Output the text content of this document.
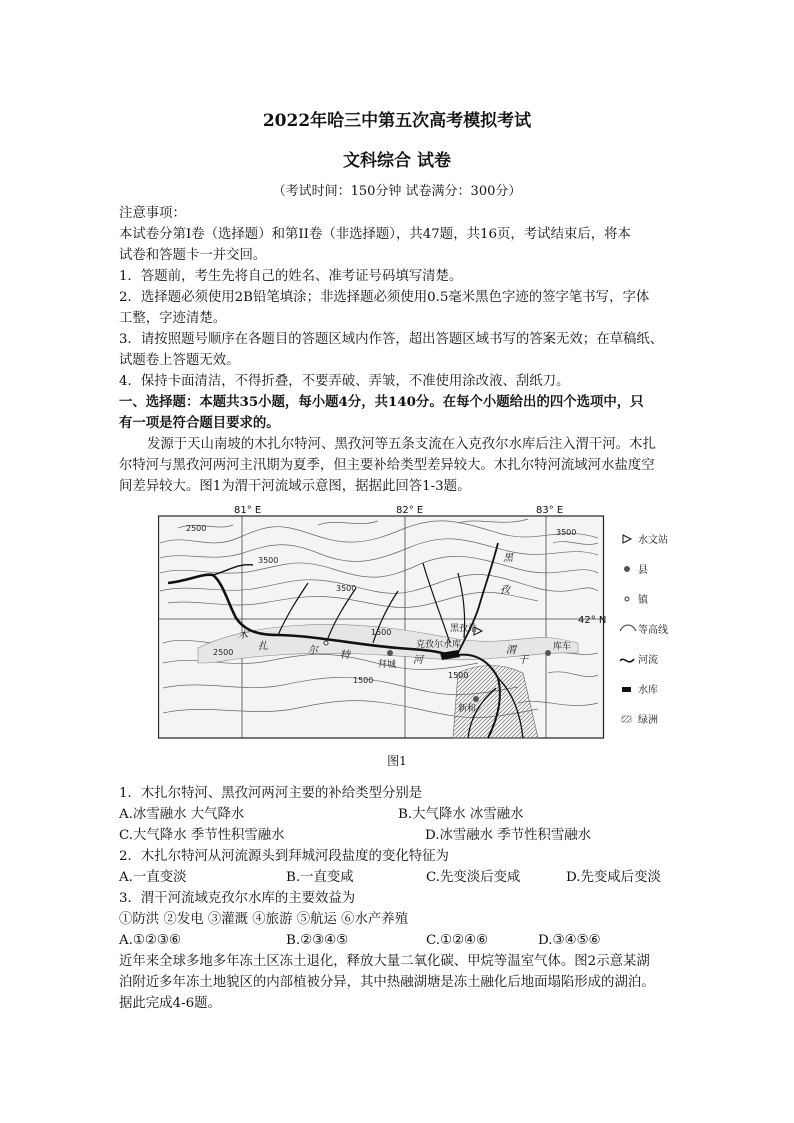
2022年哈三中第五次高考模拟考试
文科综合 试卷
（考试时间：150分钟 试卷满分：300分）
注意事项：
本试卷分第I卷（选择题）和第II卷（非选择题），共47题，共16页，考试结束后，将本
试卷和答题卡一并交回。
1．答题前，考生先将自己的姓名、准考证号码填写清楚。
2．选择题必须使用2B铅笔填涂；非选择题必须使用0.5毫米黑色字迹的签字笔书写，字体
工整，字迹清楚。
3．请按照题号顺序在各题目的答题区域内作答，超出答题区域书写的答案无效；在草稿纸、
试题卷上答题无效。
4．保持卡面清洁，不得折叠，不要弄破、弄皱，不准使用涂改液、刮纸刀。
一、选择题：本题共35小题，每小题4分，共140分。在每个小题给出的四个选项中，只
有一项是符合题目要求的。
发源于天山南坡的木扎尔特河、黑孜河等五条支流在入克孜尔水库后注入渭干河。木扎
尔特河与黑孜河两河主汛期为夏季，但主要补给类型差异较大。木扎尔特河流域河水盐度空
间差异较大。图1为渭干河流域示意图，据据此回答1-3题。
81° E	82° E	83° E
42° N
2500
2500
3500
3500
3500
1500
1500
1500
黑孜站
克孜尔水库
拜城
库车
新和
黑
孜
木
扎	尔 特	河
渭
干
水文站
县
镇
等高线
河流
水库
绿洲
图1
1．木扎尔特河、黑孜河两河主要的补给类型分别是
A.冰雪融水 大气降水	B.大气降水 冰雪融水
C.大气降水 季节性积雪融水	D.冰雪融水 季节性积雪融水
2．木扎尔特河从河流源头到拜城河段盐度的变化特征为
A.一直变淡	B.一直变咸	C.先变淡后变咸	D.先变咸后变淡
3．渭干河流域克孜尔水库的主要效益为
①防洪 ②发电 ③灌溉 ④旅游 ⑤航运 ⑥水产养殖
A.①②③⑥	B.②③④⑤	C.①②④⑥	D.③④⑤⑥
近年来全球多地多年冻土区冻土退化，释放大量二氧化碳、甲烷等温室气体。图2示意某湖
泊附近多年冻土地貌区的内部植被分异，其中热融湖塘是冻土融化后地面塌陷形成的湖泊。
据此完成4-6题。
